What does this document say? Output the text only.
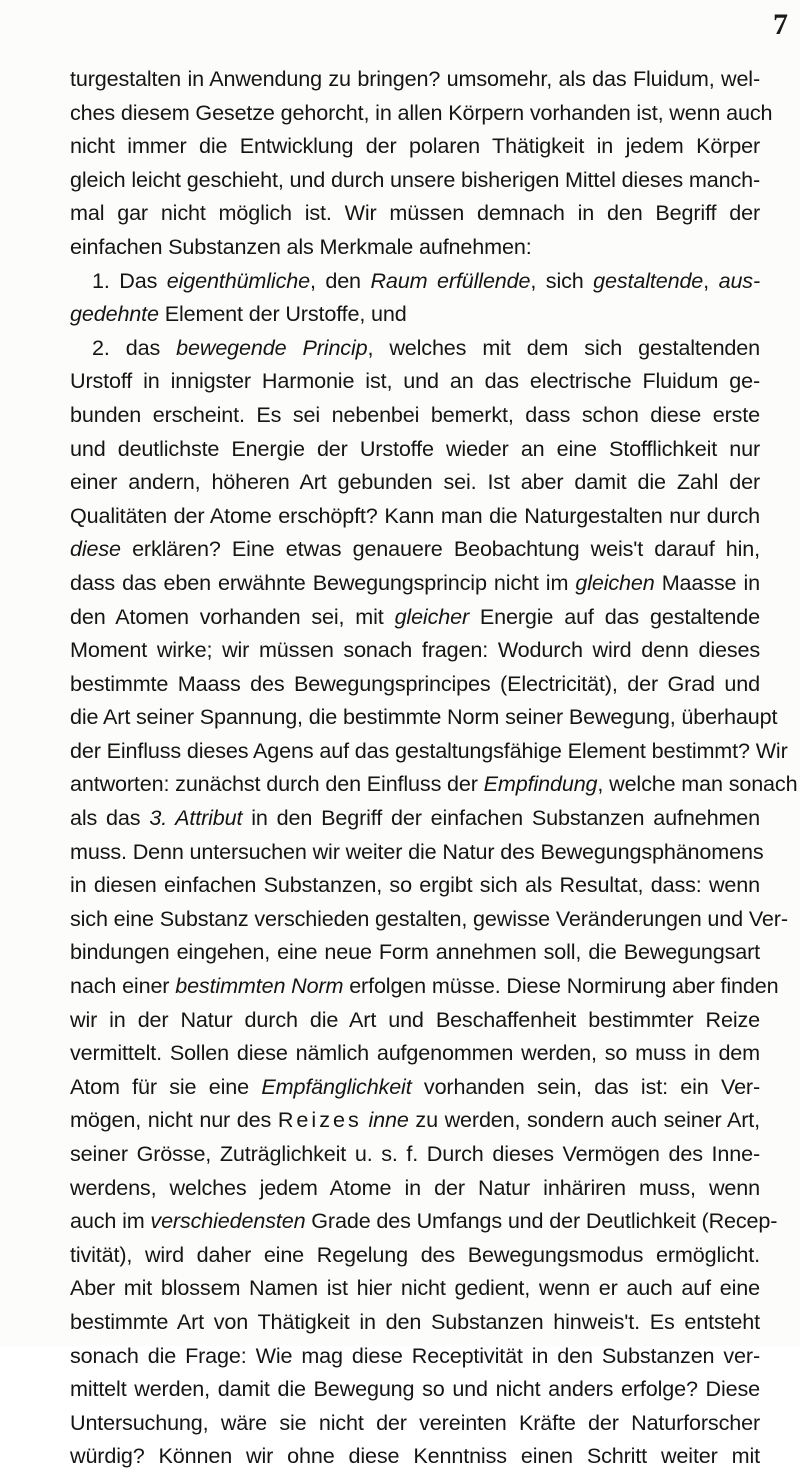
7
turgestalten in Anwendung zu bringen? umsomehr, als das Fluidum, wel-
ches diesem Gesetze gehorcht, in allen Körpern vorhanden ist, wenn auch
nicht immer die Entwicklung der polaren Thätigkeit in jedem Körper
gleich leicht geschieht, und durch unsere bisherigen Mittel dieses manch-
mal gar nicht möglich ist. Wir müssen demnach in den Begriff der
einfachen Substanzen als Merkmale aufnehmen:
1. Das eigenthümliche, den Raum erfüllende, sich gestaltende, aus-
gedehnte Element der Urstoffe, und
2. das bewegende Princip, welches mit dem sich gestaltenden
Urstoff in innigster Harmonie ist, und an das electrische Fluidum ge-
bunden erscheint. Es sei nebenbei bemerkt, dass schon diese erste
und deutlichste Energie der Urstoffe wieder an eine Stofflichkeit nur
einer andern, höheren Art gebunden sei. Ist aber damit die Zahl der
Qualitäten der Atome erschöpft? Kann man die Naturgestalten nur durch
diese erklären? Eine etwas genauere Beobachtung weis't darauf hin,
dass das eben erwähnte Bewegungsprincip nicht im gleichen Maasse in
den Atomen vorhanden sei, mit gleicher Energie auf das gestaltende
Moment wirke; wir müssen sonach fragen: Wodurch wird denn dieses
bestimmte Maass des Bewegungsprincipes (Electricität), der Grad und
die Art seiner Spannung, die bestimmte Norm seiner Bewegung, überhaupt
der Einfluss dieses Agens auf das gestaltungsfähige Element bestimmt? Wir
antworten: zunächst durch den Einfluss der Empfindung, welche man sonach
als das 3. Attribut in den Begriff der einfachen Substanzen aufnehmen
muss. Denn untersuchen wir weiter die Natur des Bewegungsphänomens
in diesen einfachen Substanzen, so ergibt sich als Resultat, dass: wenn
sich eine Substanz verschieden gestalten, gewisse Veränderungen und Ver-
bindungen eingehen, eine neue Form annehmen soll, die Bewegungsart
nach einer bestimmten Norm erfolgen müsse. Diese Normirung aber finden
wir in der Natur durch die Art und Beschaffenheit bestimmter Reize
vermittelt. Sollen diese nämlich aufgenommen werden, so muss in dem
Atom für sie eine Empfänglichkeit vorhanden sein, das ist: ein Ver-
mögen, nicht nur des Reizes inne zu werden, sondern auch seiner Art,
seiner Grösse, Zuträglichkeit u. s. f. Durch dieses Vermögen des Inne-
werdens, welches jedem Atome in der Natur inhäriren muss, wenn
auch im verschiedensten Grade des Umfangs und der Deutlichkeit (Recep-
tivität), wird daher eine Regelung des Bewegungsmodus ermöglicht.
Aber mit blossem Namen ist hier nicht gedient, wenn er auch auf eine
bestimmte Art von Thätigkeit in den Substanzen hinweis't. Es entsteht
sonach die Frage: Wie mag diese Receptivität in den Substanzen ver-
mittelt werden, damit die Bewegung so und nicht anders erfolge? Diese
Untersuchung, wäre sie nicht der vereinten Kräfte der Naturforscher
würdig? Können wir ohne diese Kenntniss einen Schritt weiter mit
